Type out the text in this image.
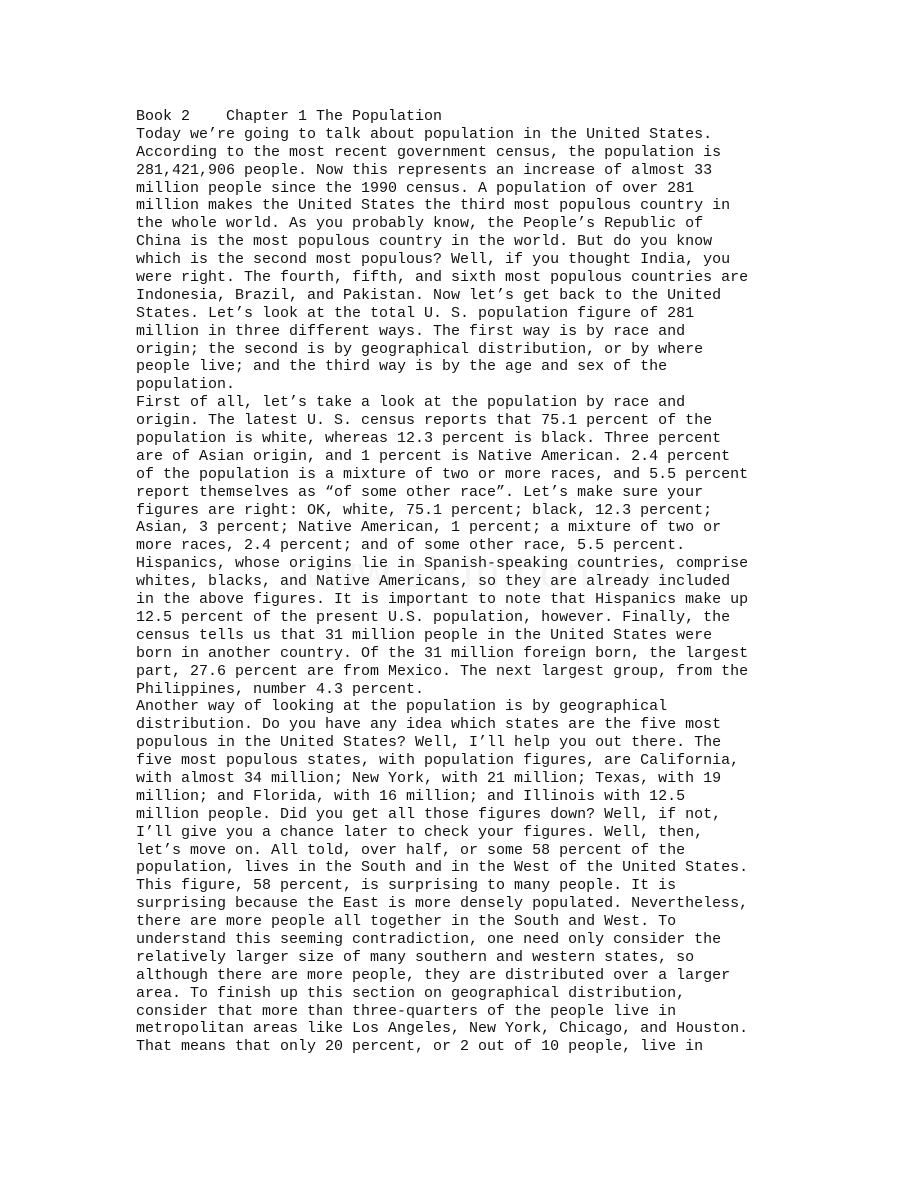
Book 2    Chapter 1 The Population
Today we’re going to talk about population in the United States.
According to the most recent government census, the population is
281,421,906 people. Now this represents an increase of almost 33
million people since the 1990 census. A population of over 281
million makes the United States the third most populous country in
the whole world. As you probably know, the People’s Republic of
China is the most populous country in the world. But do you know
which is the second most populous? Well, if you thought India, you
were right. The fourth, fifth, and sixth most populous countries are
Indonesia, Brazil, and Pakistan. Now let’s get back to the United
States. Let’s look at the total U. S. population figure of 281
million in three different ways. The first way is by race and
origin; the second is by geographical distribution, or by where
people live; and the third way is by the age and sex of the
population.
First of all, let’s take a look at the population by race and
origin. The latest U. S. census reports that 75.1 percent of the
population is white, whereas 12.3 percent is black. Three percent
are of Asian origin, and 1 percent is Native American. 2.4 percent
of the population is a mixture of two or more races, and 5.5 percent
report themselves as “of some other race”. Let’s make sure your
figures are right: OK, white, 75.1 percent; black, 12.3 percent;
Asian, 3 percent; Native American, 1 percent; a mixture of two or
more races, 2.4 percent; and of some other race, 5.5 percent.
Hispanics, whose origins lie in Spanish-speaking countries, comprise
whites, blacks, and Native Americans, so they are already included
in the above figures. It is important to note that Hispanics make up
12.5 percent of the present U.S. population, however. Finally, the
census tells us that 31 million people in the United States were
born in another country. Of the 31 million foreign born, the largest
part, 27.6 percent are from Mexico. The next largest group, from the
Philippines, number 4.3 percent.
Another way of looking at the population is by geographical
distribution. Do you have any idea which states are the five most
populous in the United States? Well, I’ll help you out there. The
five most populous states, with population figures, are California,
with almost 34 million; New York, with 21 million; Texas, with 19
million; and Florida, with 16 million; and Illinois with 12.5
million people. Did you get all those figures down? Well, if not,
I’ll give you a chance later to check your figures. Well, then,
let’s move on. All told, over half, or some 58 percent of the
population, lives in the South and in the West of the United States.
This figure, 58 percent, is surprising to many people. It is
surprising because the East is more densely populated. Nevertheless,
there are more people all together in the South and West. To
understand this seeming contradiction, one need only consider the
relatively larger size of many southern and western states, so
although there are more people, they are distributed over a larger
area. To finish up this section on geographical distribution,
consider that more than three-quarters of the people live in
metropolitan areas like Los Angeles, New York, Chicago, and Houston.
That means that only 20 percent, or 2 out of 10 people, live in
